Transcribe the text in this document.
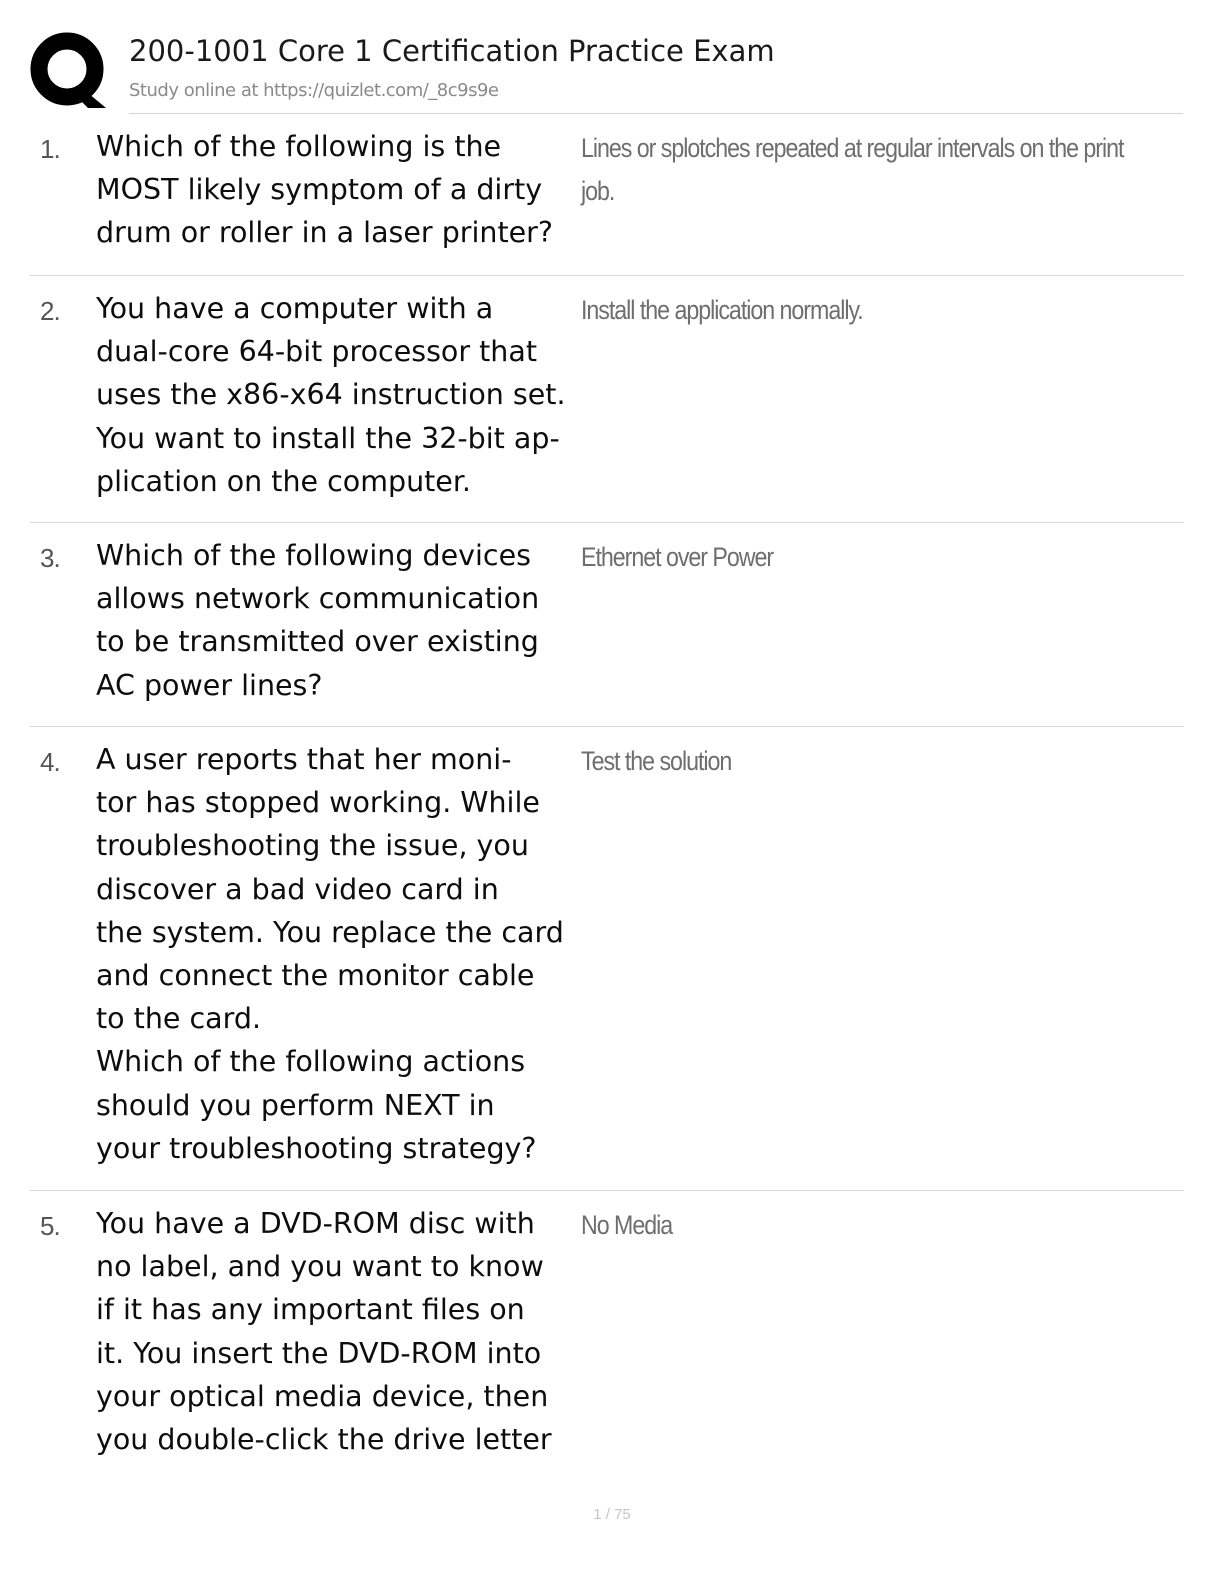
200-1001 Core 1 Certification Practice Exam
Study online at https://quizlet.com/_8c9s9e
1. Which of the following is the
MOST likely symptom of a dirty
drum or roller in a laser printer?
Lines or splotches repeated at regular intervals on the print
job.
2. You have a computer with a
dual-core 64-bit processor that
uses the x86-x64 instruction set.
You want to install the 32-bit ap-
plication on the computer.
Install the application normally.
3. Which of the following devices
allows network communication
to be transmitted over existing
AC power lines?
Ethernet over Power
4. A user reports that her moni-
tor has stopped working. While
troubleshooting the issue, you
discover a bad video card in
the system. You replace the card
and connect the monitor cable
to the card.
Which of the following actions
should you perform NEXT in
your troubleshooting strategy?
Test the solution
5. You have a DVD-ROM disc with
no label, and you want to know
if it has any important files on
it. You insert the DVD-ROM into
your optical media device, then
you double-click the drive letter
No Media
1 / 75
